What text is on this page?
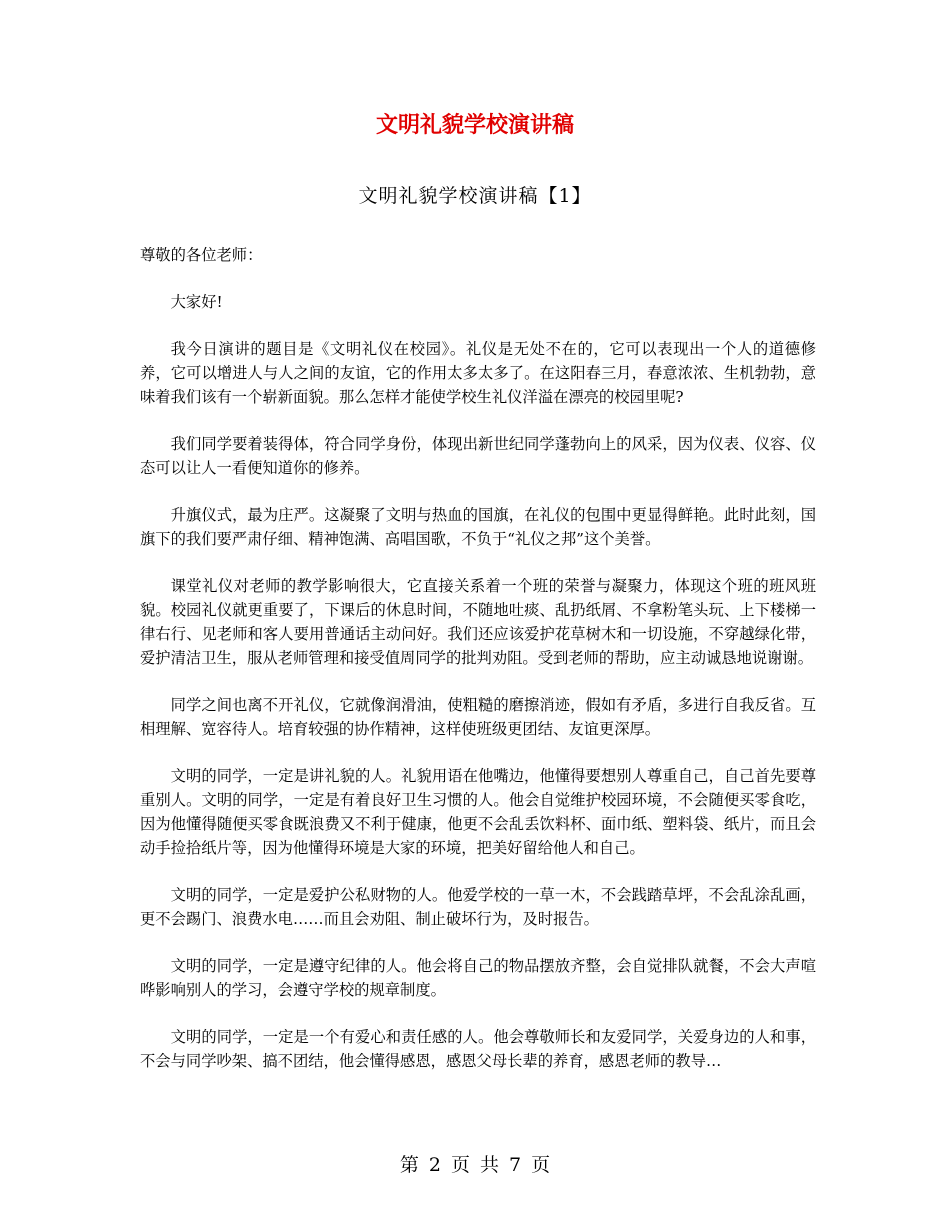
文明礼貌学校演讲稿
文明礼貌学校演讲稿【1】

尊敬的各位老师：

大家好!

我今日演讲的题目是《文明礼仪在校园》。礼仪是无处不在的，它可以表现出一个人的道德修养，它可以增进人与人之间的友谊，它的作用太多太多了。在这阳春三月，春意浓浓、生机勃勃，意味着我们该有一个崭新面貌。那么怎样才能使学校生礼仪洋溢在漂亮的校园里呢?

我们同学要着装得体，符合同学身份，体现出新世纪同学蓬勃向上的风采，因为仪表、仪容、仪态可以让人一看便知道你的修养。

升旗仪式，最为庄严。这凝聚了文明与热血的国旗，在礼仪的包围中更显得鲜艳。此时此刻，国旗下的我们要严肃仔细、精神饱满、高唱国歌，不负于“礼仪之邦”这个美誉。

课堂礼仪对老师的教学影响很大，它直接关系着一个班的荣誉与凝聚力，体现这个班的班风班貌。校园礼仪就更重要了，下课后的休息时间，不随地吐痰、乱扔纸屑、不拿粉笔头玩、上下楼梯一律右行、见老师和客人要用普通话主动问好。我们还应该爱护花草树木和一切设施，不穿越绿化带，爱护清洁卫生，服从老师管理和接受值周同学的批判劝阻。受到老师的帮助，应主动诚恳地说谢谢。

同学之间也离不开礼仪，它就像润滑油，使粗糙的磨擦消迹，假如有矛盾，多进行自我反省。互相理解、宽容待人。培育较强的协作精神，这样使班级更团结、友谊更深厚。

文明的同学，一定是讲礼貌的人。礼貌用语在他嘴边，他懂得要想别人尊重自己，自己首先要尊重别人。文明的同学，一定是有着良好卫生习惯的人。他会自觉维护校园环境，不会随便买零食吃，因为他懂得随便买零食既浪费又不利于健康，他更不会乱丢饮料杯、面巾纸、塑料袋、纸片，而且会动手捡拾纸片等，因为他懂得环境是大家的环境，把美好留给他人和自己。

文明的同学，一定是爱护公私财物的人。他爱学校的一草一木，不会践踏草坪，不会乱涂乱画，更不会踢门、浪费水电……而且会劝阻、制止破坏行为，及时报告。

文明的同学，一定是遵守纪律的人。他会将自己的物品摆放齐整，会自觉排队就餐，不会大声喧哗影响别人的学习，会遵守学校的规章制度。

文明的同学，一定是一个有爱心和责任感的人。他会尊敬师长和友爱同学，关爱身边的人和事，不会与同学吵架、搞不团结，他会懂得感恩，感恩父母长辈的养育，感恩老师的教导…

第 2 页 共 7 页
